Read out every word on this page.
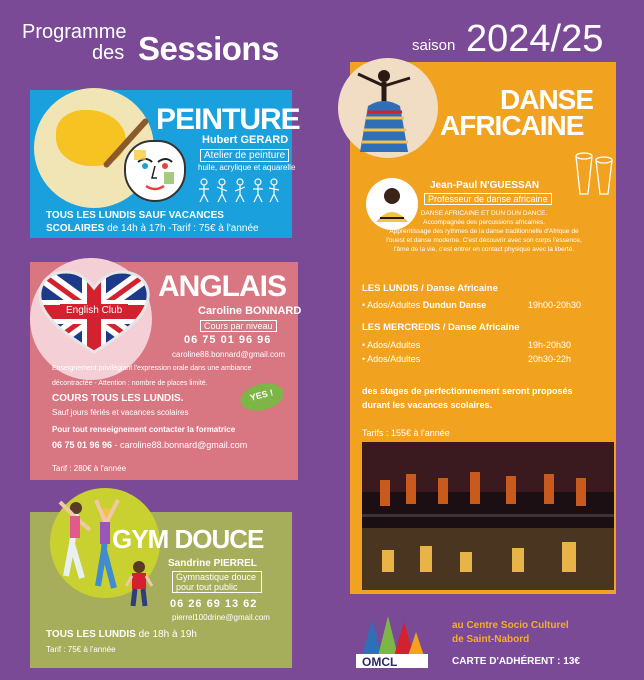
Programme
des Sessions	saison 2024/25
PEINTURE
Hubert GERARD
Atelier de peinture
huile, acrylique et aquarelle
TOUS LES LUNDIS SAUF VACANCES
SCOLAIRES de 14h à 17h -Tarif : 75€ à l'année
English Club
ANGLAIS
Caroline BONNARD
Cours par niveau
06 75 01 96 96
caroline88.bonnard@gmail.com
Enseignement privilégiant l'expression orale dans une ambiance
décontractée - Attention : nombre de places limité.
COURS TOUS LES LUNDIS.
Sauf jours fériés et vacances scolaires
Pour tout renseignement contacter la formatrice
06 75 01 96 96 - caroline88.bonnard@gmail.com
Tarif : 280€ à l'année
YES !
GYM DOUCE
Sandrine PIERREL
Gymnastique douce pour tout public
06 26 69 13 62
pierrel100drine@gmail.com
TOUS LES LUNDIS de 18h à 19h
Tarif : 75€ à l'année
DANSE
AFRICAINE
Jean-Paul N'GUESSAN
Professeur de danse africaine

DANSE AFRICAINE ET DUN DUN DANCE.

Accompagnée des percussions africaines.

Apprentissage des rythmes de la danse traditionnelle d'Afrique de

l'ouest et danse moderne. C'est découvrir avec son corps l'essence,

l'âme de la vie, c'est entrer en contact physique avec la liberté.

LES LUNDIS / Danse Africaine
• Ados/Adultes Dundun Danse	19h00-20h30
LES MERCREDIS / Danse Africaine
• Ados/Adultes	19h-20h30
• Ados/Adultes	20h30-22h
des stages de perfectionnement seront proposés
durant les vacances scolaires.
Tarifs : 155€ à l'année
OMCL
au Centre Socio Culturel
de Saint-Nabord
CARTE D'ADHÉRENT : 13€
